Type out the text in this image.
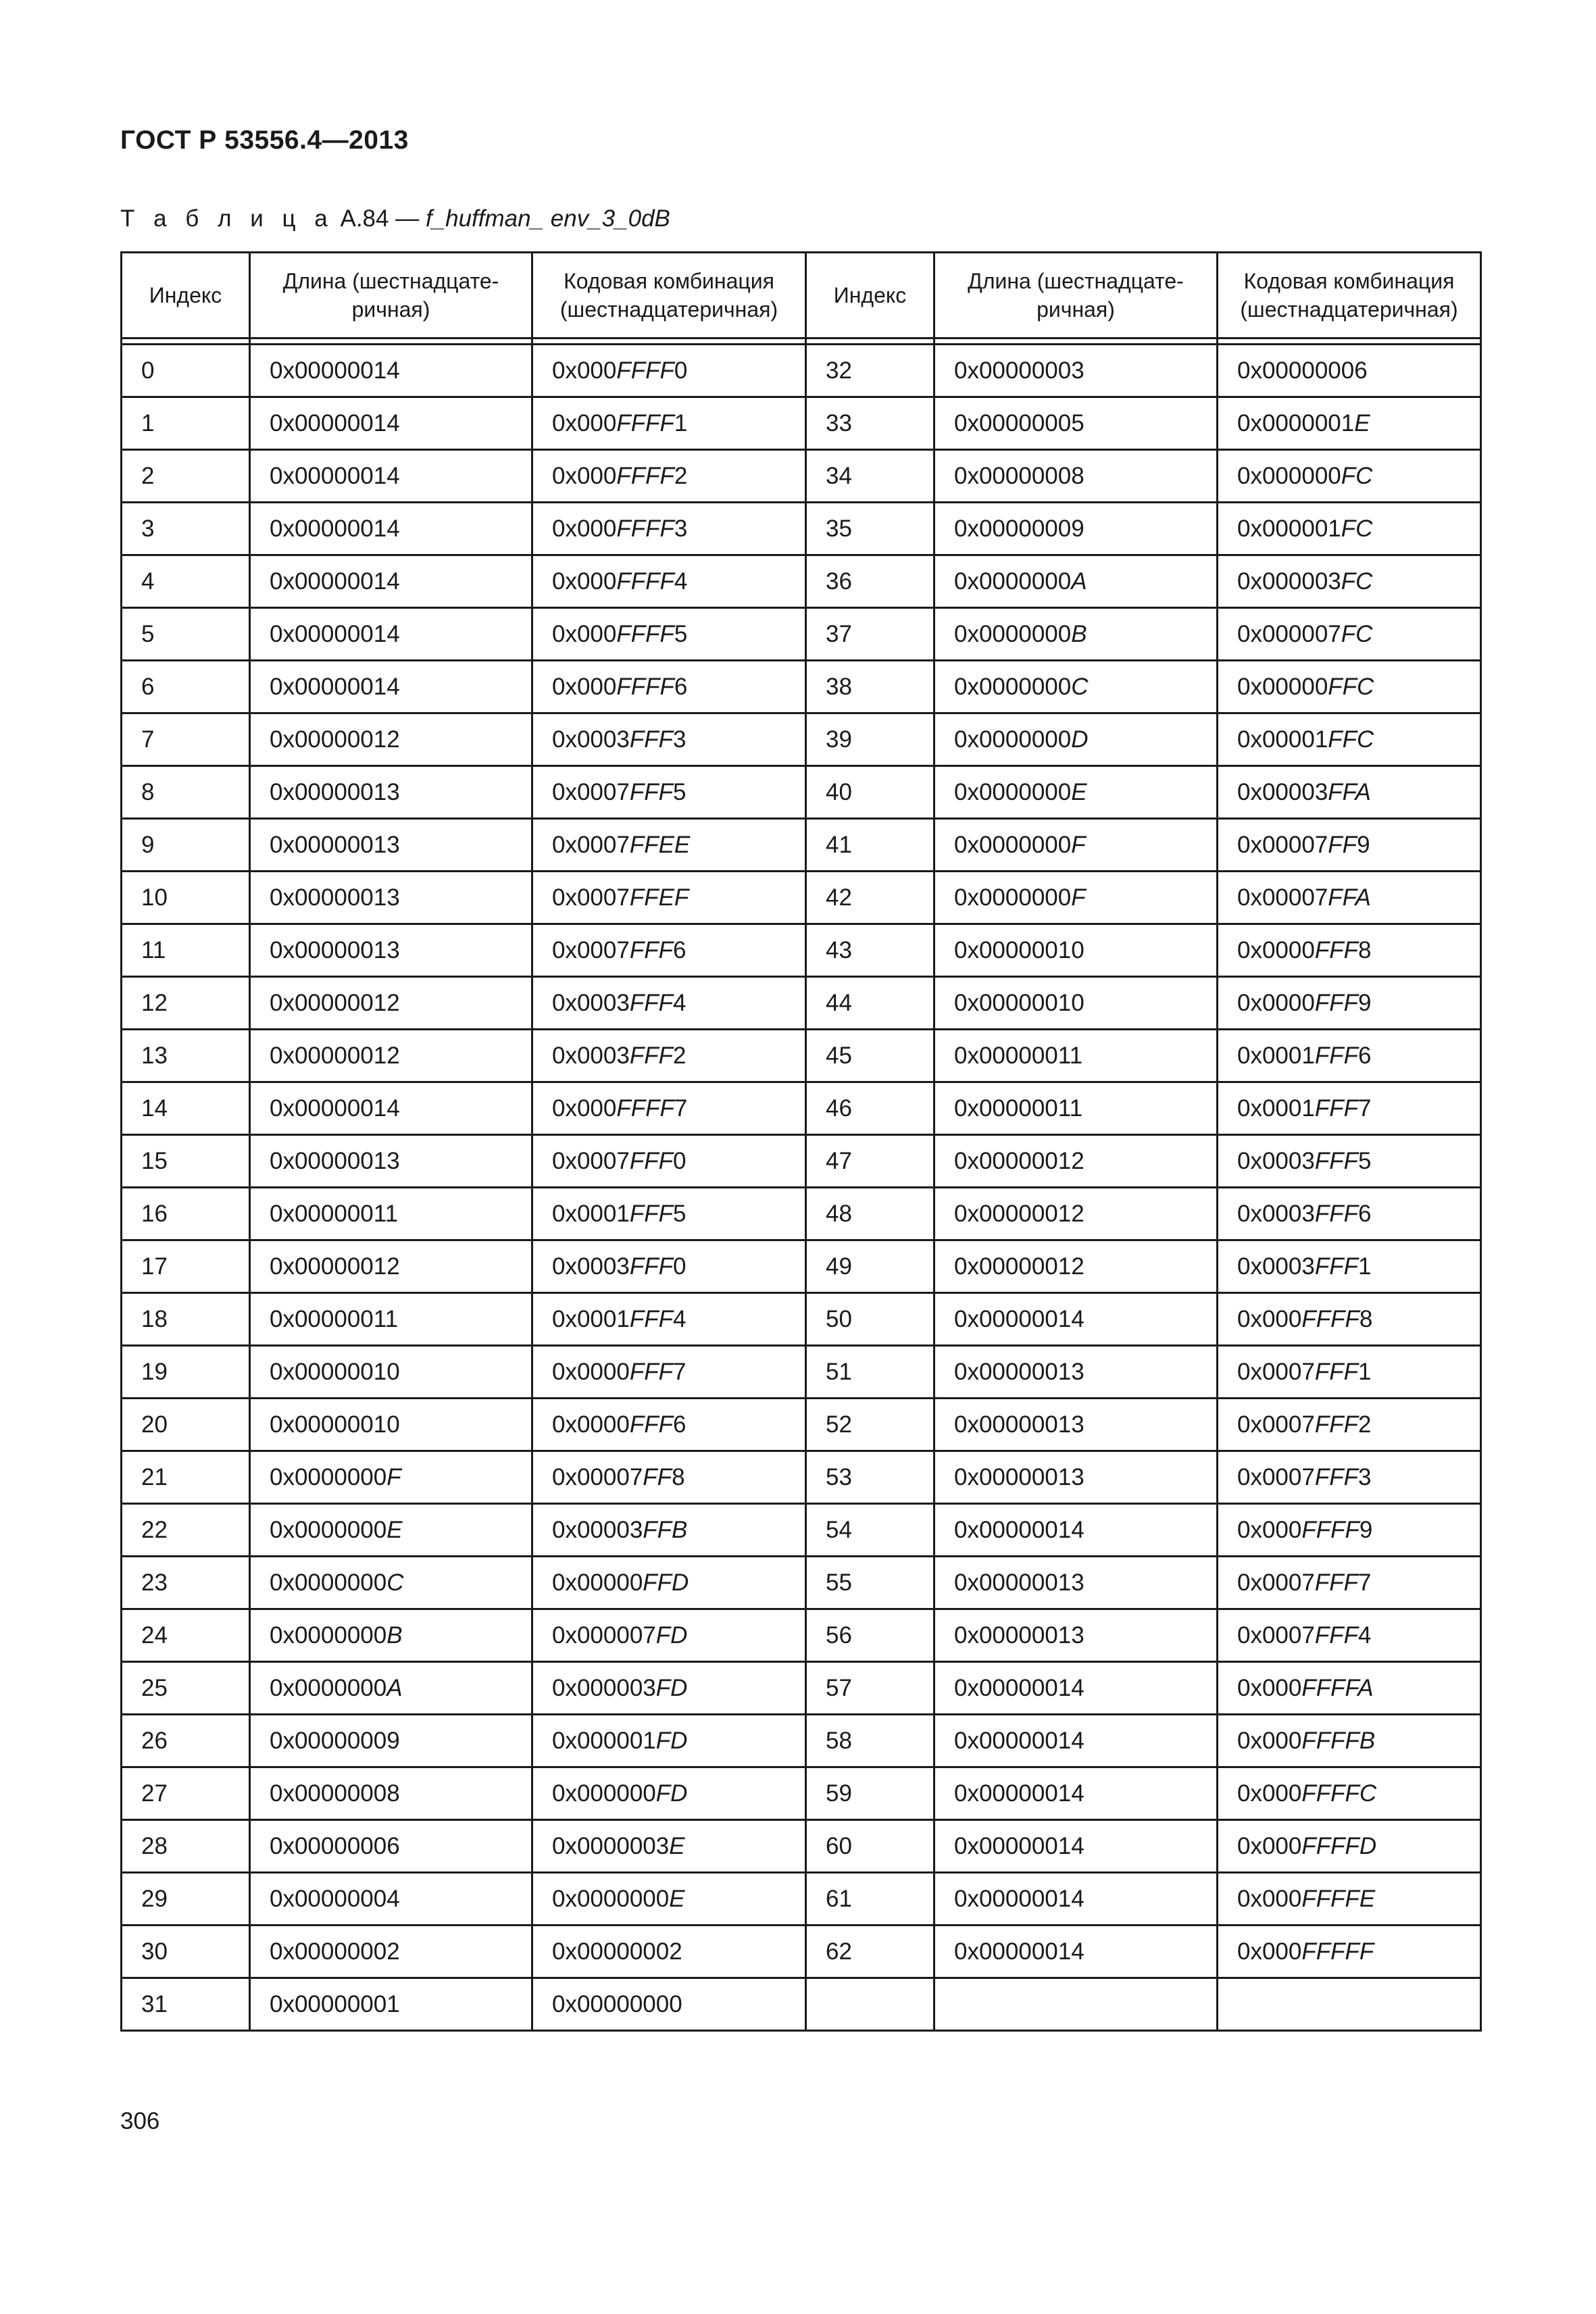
ГОСТ Р 53556.4—2013
Т а б л и ц а А.84 — f_huffman_ env_3_0dB
Индекс	Длина (шестнадцате-ричная)	Кодовая комбинация (шестнадцатеричная)	Индекс	Длина (шестнадцате-ричная)	Кодовая комбинация (шестнадцатеричная)

0	0x00000014	0x000FFFF0	32	0x00000003	0x00000006
1	0x00000014	0x000FFFF1	33	0x00000005	0x0000001E
2	0x00000014	0x000FFFF2	34	0x00000008	0x000000FC
3	0x00000014	0x000FFFF3	35	0x00000009	0x000001FC
4	0x00000014	0x000FFFF4	36	0x0000000A	0x000003FC
5	0x00000014	0x000FFFF5	37	0x0000000B	0x000007FC
6	0x00000014	0x000FFFF6	38	0x0000000C	0x00000FFC
7	0x00000012	0x0003FFF3	39	0x0000000D	0x00001FFC
8	0x00000013	0x0007FFF5	40	0x0000000E	0x00003FFA
9	0x00000013	0x0007FFEE	41	0x0000000F	0x00007FF9
10	0x00000013	0x0007FFEF	42	0x0000000F	0x00007FFA
11	0x00000013	0x0007FFF6	43	0x00000010	0x0000FFF8
12	0x00000012	0x0003FFF4	44	0x00000010	0x0000FFF9
13	0x00000012	0x0003FFF2	45	0x00000011	0x0001FFF6
14	0x00000014	0x000FFFF7	46	0x00000011	0x0001FFF7
15	0x00000013	0x0007FFF0	47	0x00000012	0x0003FFF5
16	0x00000011	0x0001FFF5	48	0x00000012	0x0003FFF6
17	0x00000012	0x0003FFF0	49	0x00000012	0x0003FFF1
18	0x00000011	0x0001FFF4	50	0x00000014	0x000FFFF8
19	0x00000010	0x0000FFF7	51	0x00000013	0x0007FFF1
20	0x00000010	0x0000FFF6	52	0x00000013	0x0007FFF2
21	0x0000000F	0x00007FF8	53	0x00000013	0x0007FFF3
22	0x0000000E	0x00003FFB	54	0x00000014	0x000FFFF9
23	0x0000000C	0x00000FFD	55	0x00000013	0x0007FFF7
24	0x0000000B	0x000007FD	56	0x00000013	0x0007FFF4
25	0x0000000A	0x000003FD	57	0x00000014	0x000FFFFA
26	0x00000009	0x000001FD	58	0x00000014	0x000FFFFB
27	0x00000008	0x000000FD	59	0x00000014	0x000FFFFC
28	0x00000006	0x0000003E	60	0x00000014	0x000FFFFD
29	0x00000004	0x0000000E	61	0x00000014	0x000FFFFE
30	0x00000002	0x00000002	62	0x00000014	0x000FFFFF
31	0x00000001	0x00000000			
306
